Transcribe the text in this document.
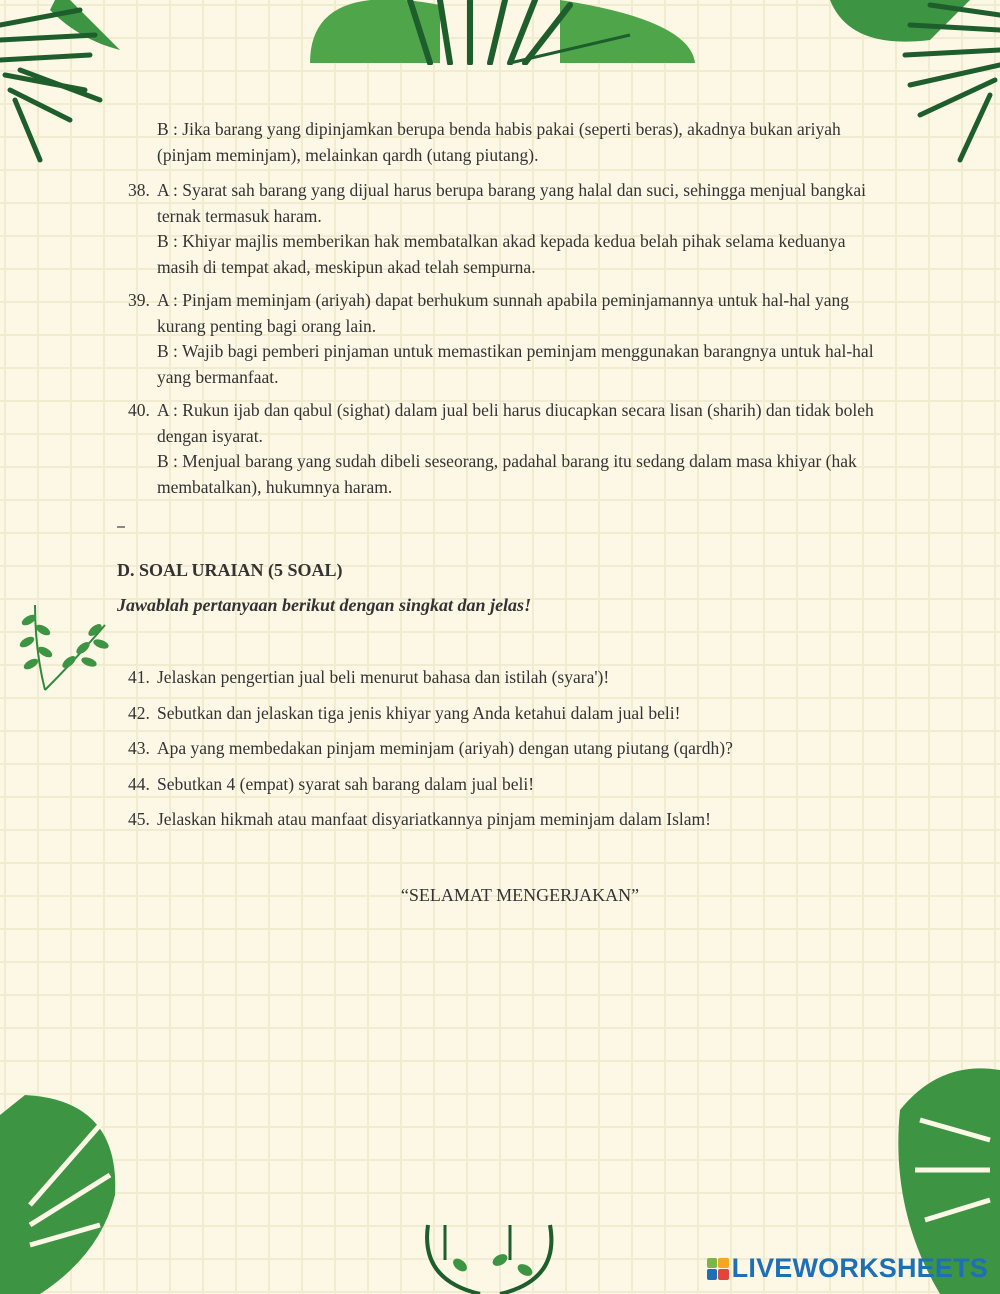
B : Jika barang yang dipinjamkan berupa benda habis pakai (seperti beras), akadnya bukan ariyah (pinjam meminjam), melainkan qardh (utang piutang).

38. A : Syarat sah barang yang dijual harus berupa barang yang halal dan suci, sehingga menjual bangkai ternak termasuk haram.

B : Khiyar majlis memberikan hak membatalkan akad kepada kedua belah pihak selama keduanya masih di tempat akad, meskipun akad telah sempurna.

39. A : Pinjam meminjam (ariyah) dapat berhukum sunnah apabila peminjamannya untuk hal-hal yang kurang penting bagi orang lain.

B : Wajib bagi pemberi pinjaman untuk memastikan peminjam menggunakan barangnya untuk hal-hal yang bermanfaat.

40. A : Rukun ijab dan qabul (sighat) dalam jual beli harus diucapkan secara lisan (sharih) dan tidak boleh dengan isyarat.

B : Menjual barang yang sudah dibeli seseorang, padahal barang itu sedang dalam masa khiyar (hak membatalkan), hukumnya haram.

D. SOAL URAIAN (5 SOAL)
Jawablah pertanyaan berikut dengan singkat dan jelas!
41. Jelaskan pengertian jual beli menurut bahasa dan istilah (syara')!
42. Sebutkan dan jelaskan tiga jenis khiyar yang Anda ketahui dalam jual beli!
43. Apa yang membedakan pinjam meminjam (ariyah) dengan utang piutang (qardh)?
44. Sebutkan 4 (empat) syarat sah barang dalam jual beli!
45. Jelaskan hikmah atau manfaat disyariatkannya pinjam meminjam dalam Islam!
“SELAMAT MENGERJAKAN”
LIVEWORKSHEETS
